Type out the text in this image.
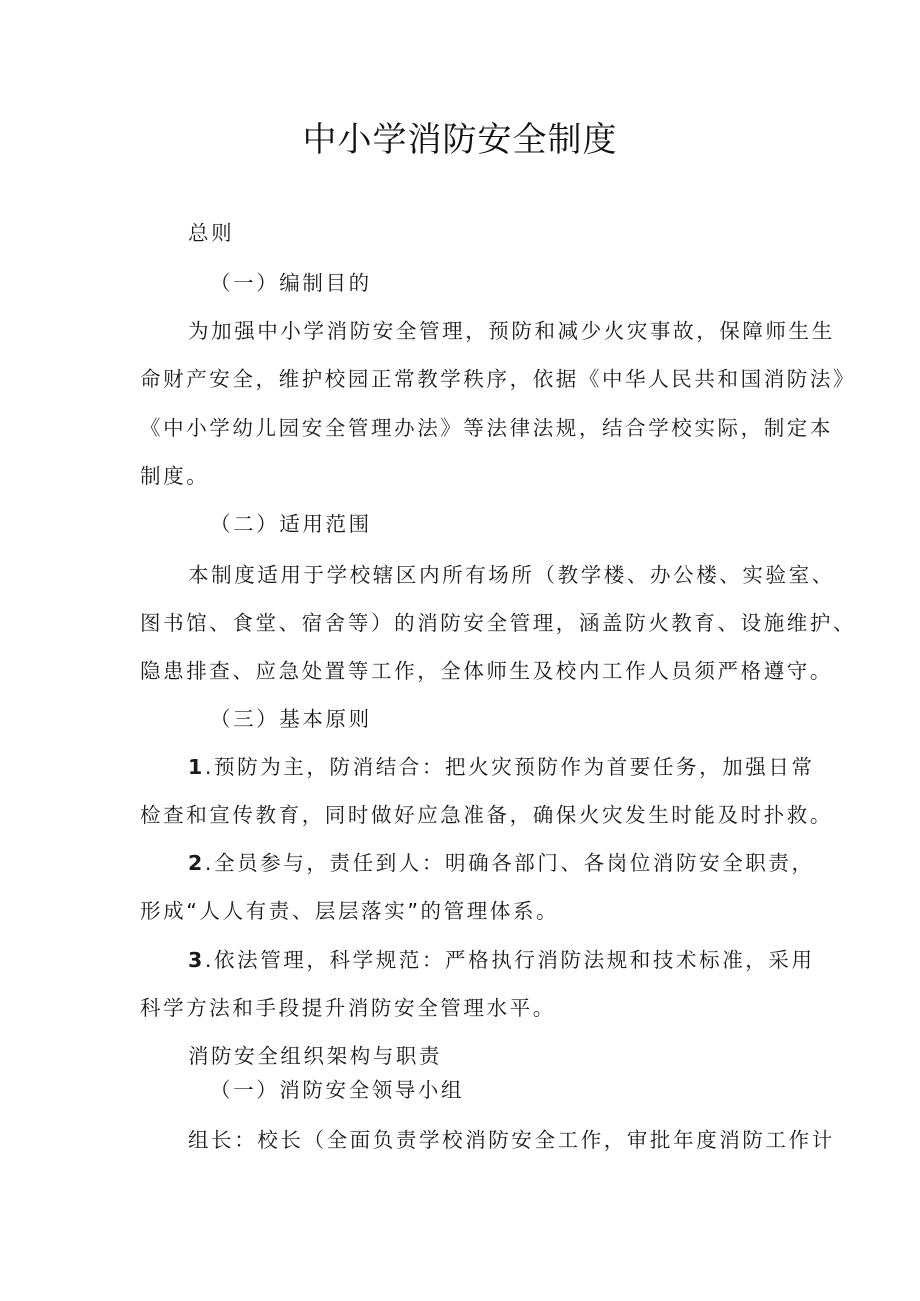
中小学消防安全制度
总则
（一）编制目的
为加强中小学消防安全管理，预防和减少火灾事故，保障师生生
命财产安全，维护校园正常教学秩序，依据《中华人民共和国消防法》
《中小学幼儿园安全管理办法》等法律法规，结合学校实际，制定本
制度。
（二）适用范围
本制度适用于学校辖区内所有场所（教学楼、办公楼、实验室、
图书馆、食堂、宿舍等）的消防安全管理，涵盖防火教育、设施维护、
隐患排查、应急处置等工作，全体师生及校内工作人员须严格遵守。
（三）基本原则
1.预防为主，防消结合：把火灾预防作为首要任务，加强日常
检查和宣传教育，同时做好应急准备，确保火灾发生时能及时扑救。
2.全员参与，责任到人：明确各部门、各岗位消防安全职责，
形成“人人有责、层层落实”的管理体系。
3.依法管理，科学规范：严格执行消防法规和技术标准，采用
科学方法和手段提升消防安全管理水平。
消防安全组织架构与职责
（一）消防安全领导小组
组长：校长（全面负责学校消防安全工作，审批年度消防工作计
